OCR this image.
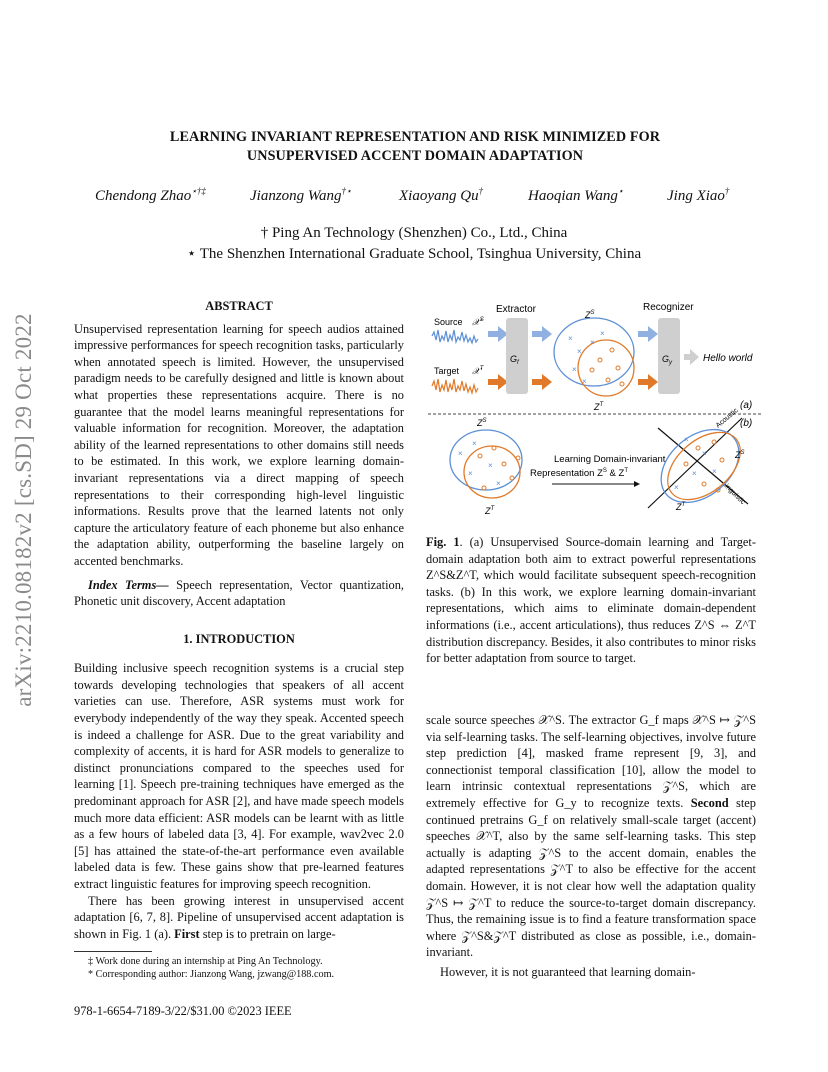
LEARNING INVARIANT REPRESENTATION AND RISK MINIMIZED FOR
UNSUPERVISED ACCENT DOMAIN ADAPTATION
Chendong Zhao⋆†‡	Jianzong Wang†⋆	Xiaoyang Qu†	Haoqian Wang⋆	Jing Xiao†
† Ping An Technology (Shenzhen) Co., Ltd., China
⋆ The Shenzhen International Graduate School, Tsinghua University, China
arXiv:2210.08182v2 [cs.SD] 29 Oct 2022
ABSTRACT

Unsupervised representation learning for speech audios attained impressive performances for speech recognition tasks, particularly when annotated speech is limited. However, the unsupervised paradigm needs to be carefully designed and little is known about what properties these representations acquire. There is no guarantee that the model learns meaningful representations for valuable information for recognition. Moreover, the adaptation ability of the learned representations to other domains still needs to be estimated. In this work, we explore learning domain-invariant representations via a direct mapping of speech representations to their corresponding high-level linguistic informations. Results prove that the learned latents not only capture the articulatory feature of each phoneme but also enhance the adaptation ability, outperforming the baseline largely on accented benchmarks.

Index Terms— Speech representation, Vector quantization, Phonetic unit discovery, Accent adaptation

1. INTRODUCTION

Building inclusive speech recognition systems is a crucial step towards developing technologies that speakers of all accent varieties can use. Therefore, ASR systems must work for everybody independently of the way they speak. Accented speech is indeed a challenge for ASR. Due to the great variability and complexity of accents, it is hard for ASR models to generalize to distinct pronunciations compared to the speeches used for learning [1]. Speech pre-training techniques have emerged as the predominant approach for ASR [2], and have made speech models much more data efficient: ASR models can be learnt with as little as a few hours of labeled data [3, 4]. For example, wav2vec 2.0 [5] has attained the state-of-the-art performance even available labeled data is few. These gains show that pre-learned features extract linguistic features for improving speech recognition.

There has been growing interest in unsupervised accent adaptation [6, 7, 8]. Pipeline of unsupervised accent adaptation is shown in Fig. 1 (a). First step is to pretrain on large-

‡ Work done during an internship at Ping An Technology.
* Corresponding author: Jianzong Wang, jzwang@188.com.
978-1-6654-7189-3/22/$31.00 ©2023 IEEE
Extractor	Recognizer
Source 𝒳$^S$
Target 𝒳$^T$
$G_f$	$G_y$	Hello world
$Z^S$
$Z^T$
×
×
×
×
×
×
(a)
$Z^S$
$Z^T$
×
×
×
×
×
Learning Domain-invariant
Representation $Z^S$ & $Z^T$
(b)
Acoustic
Linguistic
$Z^S$
$Z^T$
×
×
× ×
×
Fig. 1. (a) Unsupervised Source-domain learning and Target-domain adaptation both aim to extract powerful representations Z^S&Z^T, which would facilitate subsequent speech-recognition tasks. (b) In this work, we explore learning domain-invariant representations, which aims to eliminate domain-dependent informations (i.e., accent articulations), thus reduces Z^S ⇔ Z^T distribution discrepancy. Besides, it also contributes to minor risks for better adaptation from source to target.

scale source speeches 𝒳^S. The extractor G_f maps 𝒳^S ↦ 𝒵^S via self-learning tasks. The self-learning objectives, involve future step prediction [4], masked frame represent [9, 3], and connectionist temporal classification [10], allow the model to learn intrinsic contextual representations 𝒵^S, which are extremely effective for G_y to recognize texts. Second step continued pretrains G_f on relatively small-scale target (accent) speeches 𝒳^T, also by the same self-learning tasks. This step actually is adapting 𝒵^S to the accent domain, enables the adapted representations 𝒵^T to also be effective for the accent domain. However, it is not clear how well the adaptation quality 𝒵^S ↦ 𝒵^T to reduce the source-to-target domain discrepancy. Thus, the remaining issue is to find a feature transformation space where 𝒵^S&𝒵^T distributed as close as possible, i.e., domain-invariant.

However, it is not guaranteed that learning domain-
